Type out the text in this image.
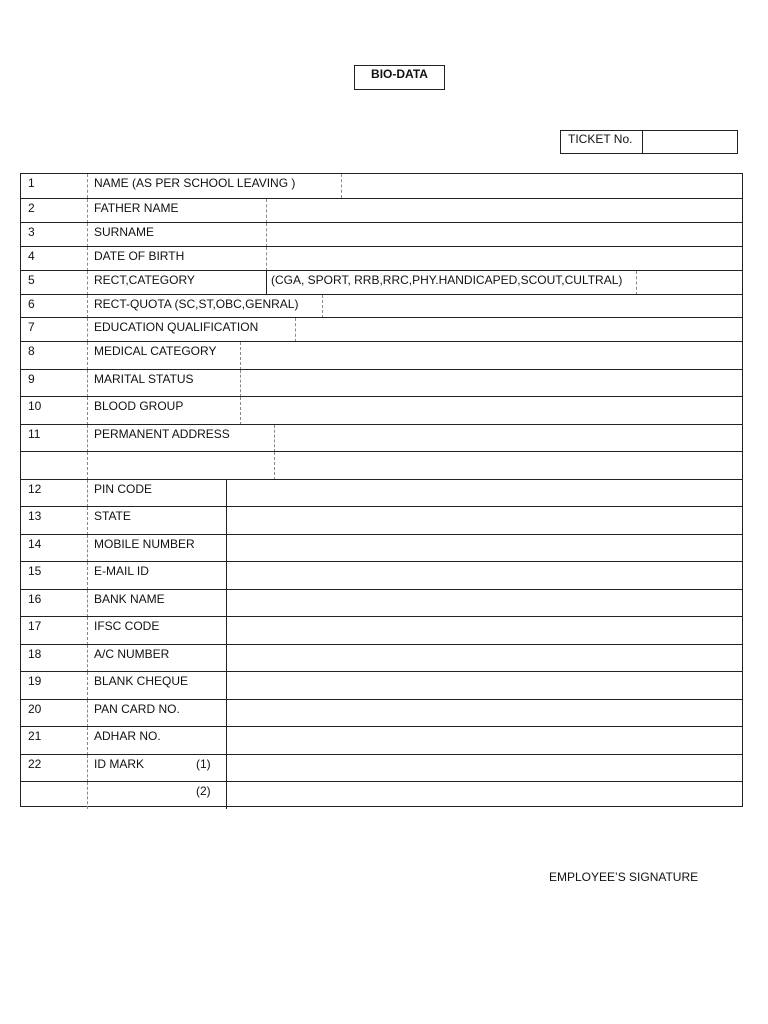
BIO-DATA
TICKET No.
1	NAME (AS PER SCHOOL LEAVING )
2	FATHER NAME
3	SURNAME
4	DATE OF BIRTH
5	RECT,CATEGORY	(CGA, SPORT, RRB,RRC,PHY.HANDICAPED,SCOUT,CULTRAL)
6	RECT-QUOTA (SC,ST,OBC,GENRAL)
7	EDUCATION QUALIFICATION
8	MEDICAL CATEGORY
9	MARITAL STATUS
10	BLOOD GROUP
11	PERMANENT ADDRESS
12	PIN CODE
13	STATE
14	MOBILE NUMBER
15	E-MAIL ID
16	BANK NAME
17	IFSC CODE
18	A/C NUMBER
19	BLANK CHEQUE
20	PAN CARD NO.
21	ADHAR NO.
22	ID MARK	(1)
(2)
EMPLOYEE’S SIGNATURE
